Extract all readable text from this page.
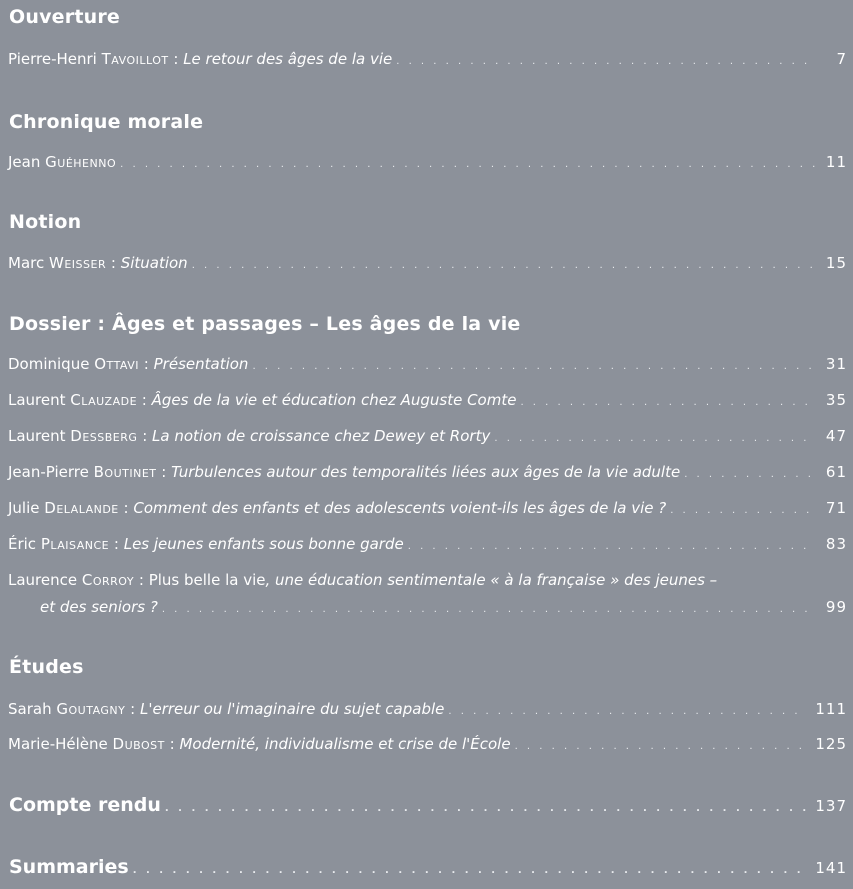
Ouverture
Pierre-Henri Tavoillot : Le retour des âges de la vie . . .	7
Chronique morale
Jean Guéhenno . . .	11
Notion
Marc Weisser : Situation . . .	15
Dossier : Âges et passages – Les âges de la vie
Dominique Ottavi : Présentation . . .	31
Laurent Clauzade : Âges de la vie et éducation chez Auguste Comte . . .	35
Laurent Dessberg : La notion de croissance chez Dewey et Rorty . . .	47
Jean-Pierre Boutinet : Turbulences autour des temporalités liées aux âges de la vie adulte . . .	61
Julie Delalande : Comment des enfants et des adolescents voient-ils les âges de la vie ? . . .	71
Éric Plaisance : Les jeunes enfants sous bonne garde . . .	83
Laurence Corroy : Plus belle la vie, une éducation sentimentale « à la française » des jeunes –
et des seniors ? . . .	99
Études
Sarah Goutagny : L'erreur ou l'imaginaire du sujet capable . . .	111
Marie-Hélène Dubost : Modernité, individualisme et crise de l'École . . .	125
Compte rendu . . .	137
Summaries . . .	141
